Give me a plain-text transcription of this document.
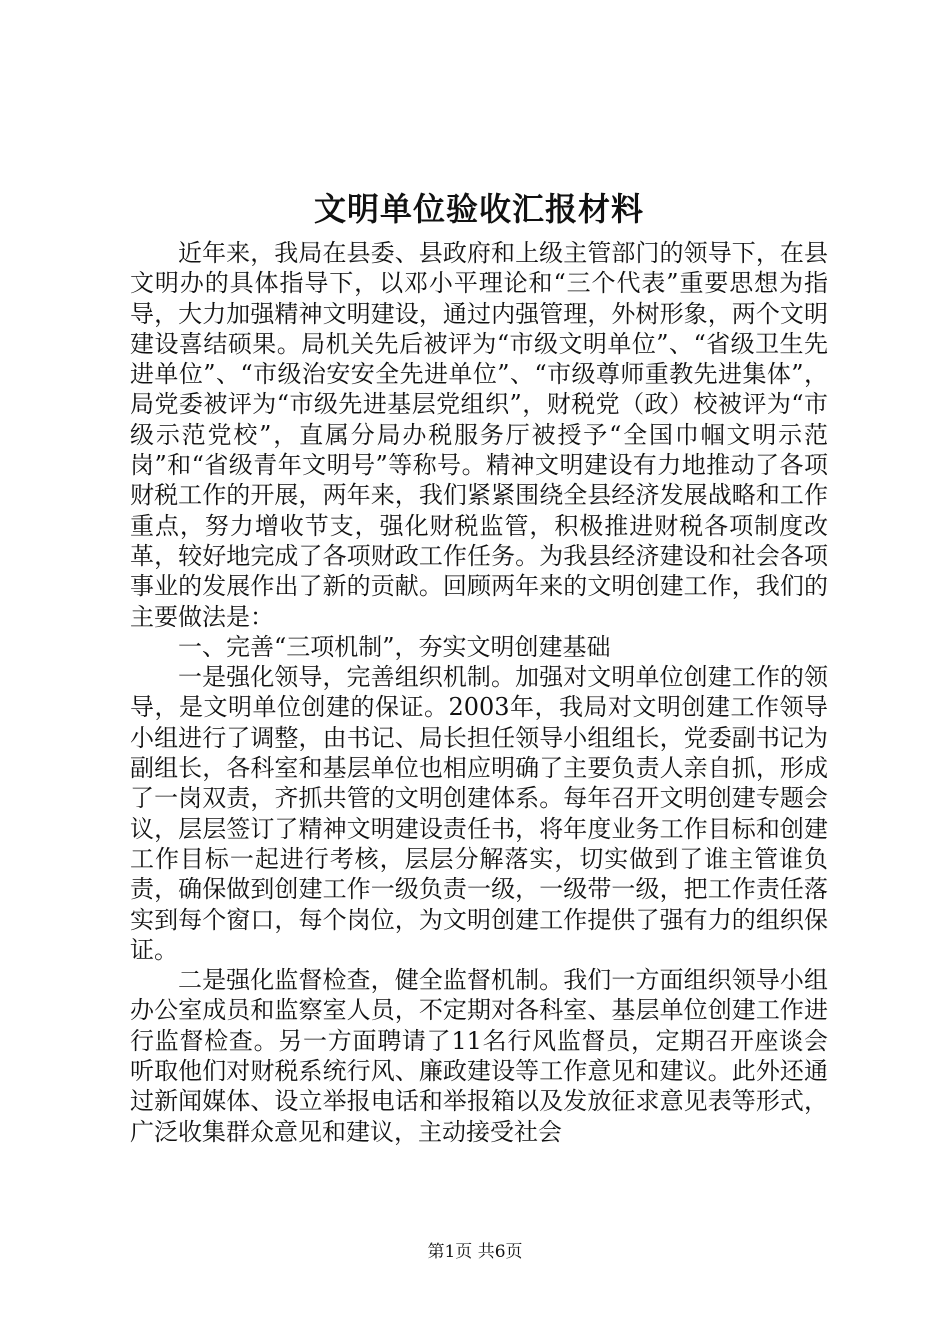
文明单位验收汇报材料

近年来，我局在县委、县政府和上级主管部门的领导下，在县文明办的具体指导下，以邓小平理论和“三个代表”重要思想为指导，大力加强精神文明建设，通过内强管理，外树形象，两个文明建设喜结硕果。局机关先后被评为“市级文明单位”、“省级卫生先进单位”、“市级治安安全先进单位”、“市级尊师重教先进集体”，局党委被评为“市级先进基层党组织”，财税党（政）校被评为“市级示范党校”，直属分局办税服务厅被授予“全国巾帼文明示范岗”和“省级青年文明号”等称号。精神文明建设有力地推动了各项财税工作的开展，两年来，我们紧紧围绕全县经济发展战略和工作重点，努力增收节支，强化财税监管，积极推进财税各项制度改革，较好地完成了各项财政工作任务。为我县经济建设和社会各项事业的发展作出了新的贡献。回顾两年来的文明创建工作，我们的主要做法是：

一、完善“三项机制”，夯实文明创建基础

一是强化领导，完善组织机制。加强对文明单位创建工作的领导，是文明单位创建的保证。2003年，我局对文明创建工作领导小组进行了调整，由书记、局长担任领导小组组长，党委副书记为副组长，各科室和基层单位也相应明确了主要负责人亲自抓，形成了一岗双责，齐抓共管的文明创建体系。每年召开文明创建专题会议，层层签订了精神文明建设责任书，将年度业务工作目标和创建工作目标一起进行考核，层层分解落实，切实做到了谁主管谁负责，确保做到创建工作一级负责一级，一级带一级，把工作责任落实到每个窗口，每个岗位，为文明创建工作提供了强有力的组织保证。

二是强化监督检查，健全监督机制。我们一方面组织领导小组办公室成员和监察室人员，不定期对各科室、基层单位创建工作进行监督检查。另一方面聘请了11名行风监督员，定期召开座谈会听取他们对财税系统行风、廉政建设等工作意见和建议。此外还通过新闻媒体、设立举报电话和举报箱以及发放征求意见表等形式，广泛收集群众意见和建议，主动接受社会

第1页 共6页
